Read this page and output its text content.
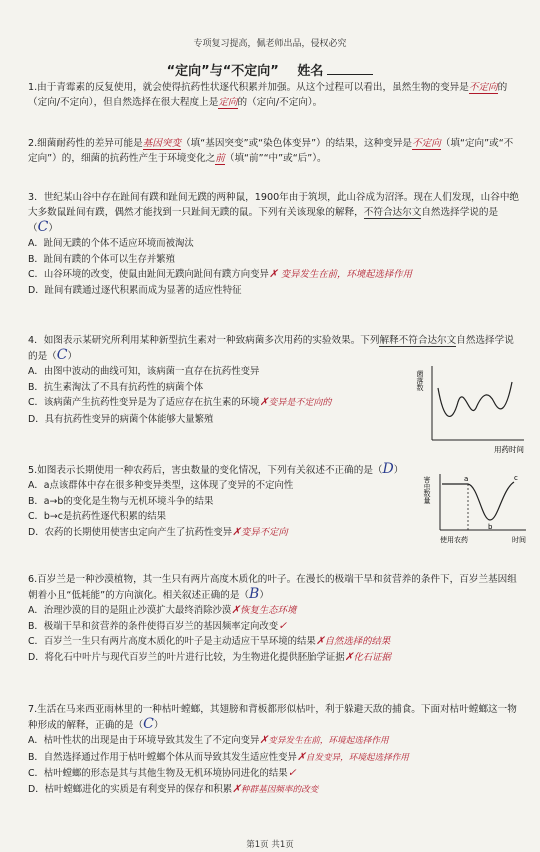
专项复习提高，佩老师出品，侵权必究
“定向”与“不定向” 姓名
1.由于青霉素的反复使用，就会使得抗药性状逐代积累并加强。从这个过程可以看出，虽然生物的变异是不定向的（定向/不定向），但自然选择在很大程度上是定向的（定向/不定向）。
2.细菌耐药性的差异可能是基因突变（填“基因突变”或“染色体变异”）的结果，这种变异是不定向（填“定向”或“不定向”）的，细菌的抗药性产生于环境变化之前（填“前”“中”或“后”）。
3．世纪某山谷中存在趾间有蹼和趾间无蹼的两种鼠，1900年由于筑坝，此山谷成为沼泽。现在人们发现，山谷中绝大多数鼠趾间有蹼，偶然才能找到一只趾间无蹼的鼠。下列有关该现象的解释，不符合达尔文自然选择学说的是（C）
A．趾间无蹼的个体不适应环境而被淘汰
B．趾间有蹼的个体可以生存并繁殖
C．山谷环境的改变，使鼠由趾间无蹼向趾间有蹼方向变异✗ 变异发生在前，环境起选择作用
D．趾间有蹼通过逐代积累而成为显著的适应性特征
4．如图表示某研究所利用某种新型抗生素对一种致病菌多次用药的实验效果。下列解释不符合达尔文自然选择学说的是（C）
A．由图中波动的曲线可知，该病菌一直存在抗药性变异
B．抗生素淘汰了不具有抗药性的病菌个体
C．该病菌产生抗药性变异是为了适应存在抗生素的环境✗变异是不定向的
D．具有抗药性变异的病菌个体能够大量繁殖
菌落数
用药时间
5.如图表示长期使用一种农药后，害虫数量的变化情况，下列有关叙述不正确的是（D）
A．a点该群体中存在很多种变异类型，这体现了变异的不定向性
B．a→b的变化是生物与无机环境斗争的结果
C．b→c是抗药性逐代积累的结果
D．农药的长期使用使害虫定向产生了抗药性变异✗变异不定向
害虫数量	a
b
c
使用农药	时间
6.百岁兰是一种沙漠植物，其一生只有两片高度木质化的叶子。在漫长的极端干旱和贫营养的条件下，百岁兰基因组朝着小且“低耗能”的方向演化。相关叙述正确的是（B）
A．治理沙漠的目的是阻止沙漠扩大最终消除沙漠✗恢复生态环境
B．极端干旱和贫营养的条件使得百岁兰的基因频率定向改变✓
C．百岁兰一生只有两片高度木质化的叶子是主动适应干旱环境的结果✗自然选择的结果
D．将化石中叶片与现代百岁兰的叶片进行比较，为生物进化提供胚胎学证据✗化石证据
7.生活在马来西亚雨林里的一种枯叶螳螂，其翅膀和背板都形似枯叶，利于躲避天敌的捕食。下面对枯叶螳螂这一物种形成的解释，正确的是（C）
A．枯叶性状的出现是由于环境导致其发生了不定向变异✗变异发生在前，环境起选择作用
B．自然选择通过作用于枯叶螳螂个体从而导致其发生适应性变异✗自发变异，环境起选择作用
C．枯叶螳螂的形态是其与其他生物及无机环境协同进化的结果✓
D．枯叶螳螂进化的实质是有利变异的保存和积累✗种群基因频率的改变
第1页 共1页
